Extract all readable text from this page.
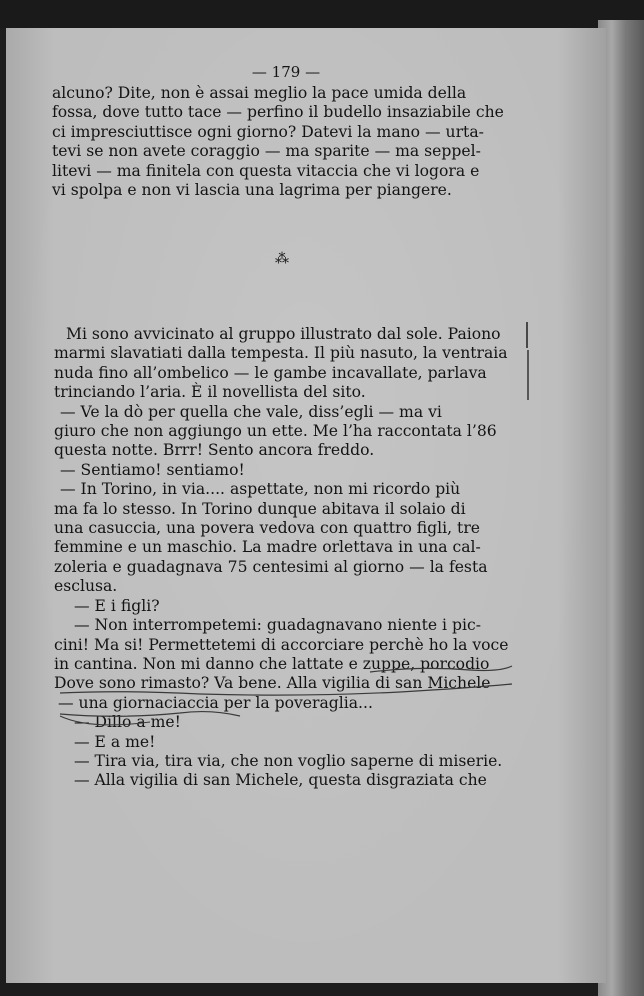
— 179 —
alcuno? Dite, non è assai meglio la pace umida della
fossa, dove tutto tace — perfino il budello insaziabile che
ci impresciuttisce ogni giorno? Datevi la mano — urta-
tevi se non avete coraggio — ma sparite — ma seppel-
litevi — ma finitela con questa vitaccia che vi logora e
vi spolpa e non vi lascia una lagrima per piangere.
⁂
Mi sono avvicinato al gruppo illustrato dal sole. Paiono
marmi slavatiati dalla tempesta. Il più nasuto, la ventraia
nuda fino all’ombelico — le gambe incavallate, parlava
trinciando l’aria. È il novellista del sito.
— Ve la dò per quella che vale, diss’egli — ma vi
giuro che non aggiungo un ette. Me l’ha raccontata l’86
questa notte. Brrr! Sento ancora freddo.
— Sentiamo! sentiamo!
— In Torino, in via.... aspettate, non mi ricordo più
ma fa lo stesso. In Torino dunque abitava il solaio di
una casuccia, una povera vedova con quattro figli, tre
femmine e un maschio. La madre orlettava in una cal-
zoleria e guadagnava 75 centesimi al giorno — la festa
esclusa.
— E i figli?
— Non interrompetemi: guadagnavano niente i pic-
cini! Ma si! Permettetemi di accorciare perchè ho la voce
in cantina. Non mi danno che lattate e zuppe, porcodio
Dove sono rimasto? Va bene. Alla vigilia di san Michele
— una giornaciaccia per la poveraglia...
— Dillo a me!
— E a me!
— Tira via, tira via, che non voglio saperne di miserie.
— Alla vigilia di san Michele, questa disgraziata che
